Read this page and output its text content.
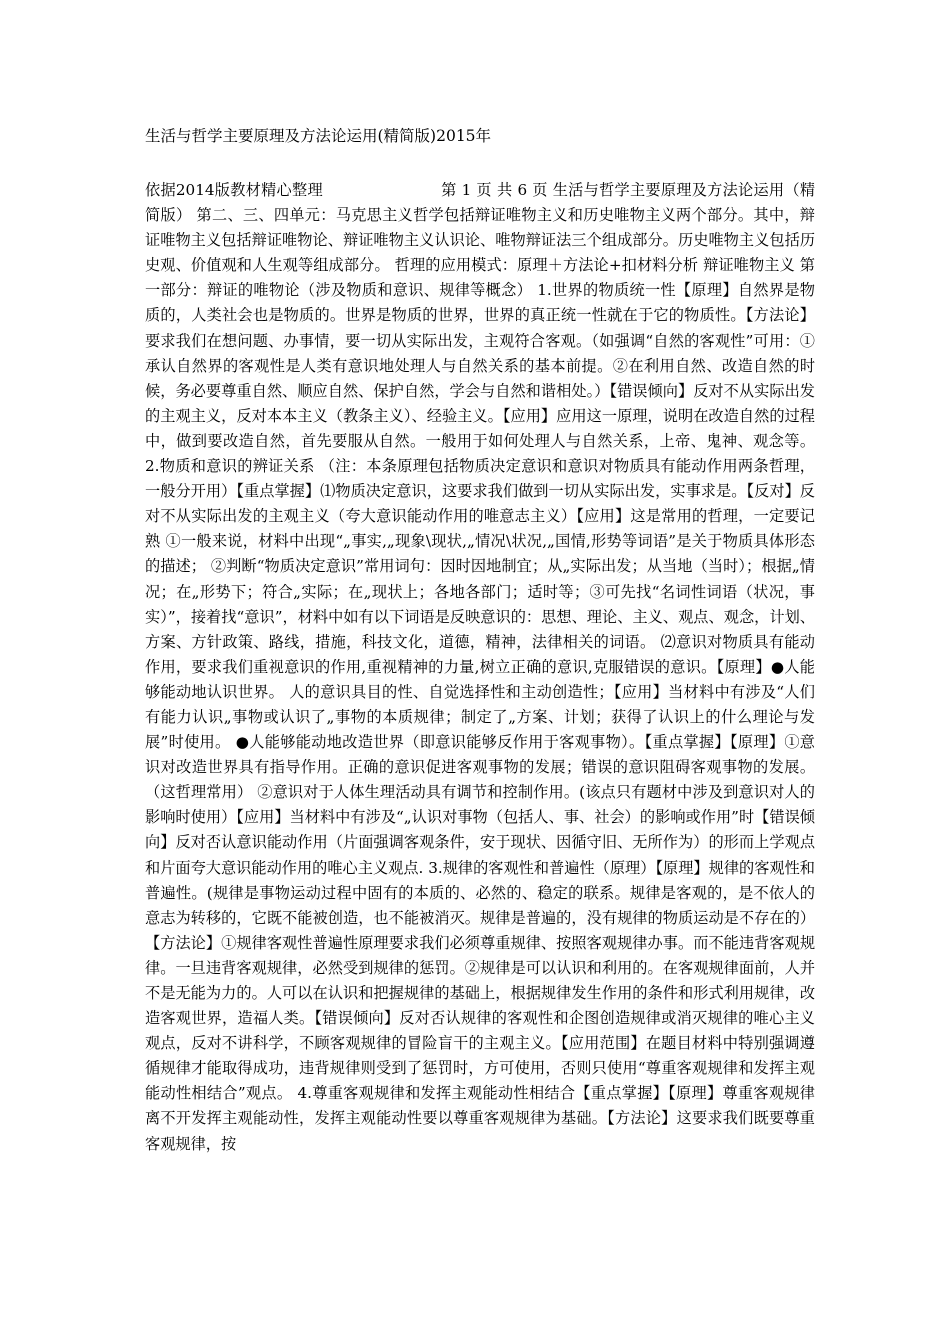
生活与哲学主要原理及方法论运用(精简版)2015年

依据2014版教材精心整理	第 1 页 共 6 页 生活与哲学主要原理及方法论运用（精简版） 第二、三、四单元：马克思主义哲学包括辩证唯物主义和历史唯物主义两个部分。其中，辩证唯物主义包括辩证唯物论、辩证唯物主义认识论、唯物辩证法三个组成部分。历史唯物主义包括历史观、价值观和人生观等组成部分。 哲理的应用模式：原理＋方法论+扣材料分析 辩证唯物主义 第一部分：辩证的唯物论（涉及物质和意识、规律等概念） 1.世界的物质统一性【原理】自然界是物质的，人类社会也是物质的。世界是物质的世界，世界的真正统一性就在于它的物质性。【方法论】要求我们在想问题、办事情，要一切从实际出发，主观符合客观。（如强调“自然的客观性”可用：①承认自然界的客观性是人类有意识地处理人与自然关系的基本前提。②在利用自然、改造自然的时候，务必要尊重自然、顺应自然、保护自然，学会与自然和谐相处。）【错误倾向】反对不从实际出发的主观主义，反对本本主义（教条主义）、经验主义。【应用】应用这一原理，说明在改造自然的过程中，做到要改造自然，首先要服从自然。一般用于如何处理人与自然关系，上帝、鬼神、观念等。 2.物质和意识的辨证关系 （注：本条原理包括物质决定意识和意识对物质具有能动作用两条哲理，一般分开用）【重点掌握】⑴物质决定意识，这要求我们做到一切从实际出发，实事求是。【反对】反对不从实际出发的主观主义（夸大意识能动作用的唯意志主义）【应用】这是常用的哲理，一定要记熟 ①一般来说，材料中出现“„事实,„现象\现状,„情况\状况,„国情,形势等词语”是关于物质具体形态的描述； ②判断“物质决定意识”常用词句：因时因地制宜；从„实际出发；从当地（当时）；根据„情况；在„形势下；符合„实际；在„现状上；各地各部门；适时等；③可先找“名词性词语（状况，事实）”，接着找“意识”，材料中如有以下词语是反映意识的：思想、理论、主义、观点、观念，计划、方案、方针政策、路线，措施，科技文化，道德，精神，法律相关的词语。 ⑵意识对物质具有能动作用，要求我们重视意识的作用,重视精神的力量,树立正确的意识,克服错误的意识。【原理】●人能够能动地认识世界。 人的意识具目的性、自觉选择性和主动创造性；【应用】当材料中有涉及“人们有能力认识„事物或认识了„事物的本质规律；制定了„方案、计划；获得了认识上的什么理论与发展”时使用。 ●人能够能动地改造世界（即意识能够反作用于客观事物）。【重点掌握】【原理】①意识对改造世界具有指导作用。正确的意识促进客观事物的发展；错误的意识阻碍客观事物的发展。（这哲理常用） ②意识对于人体生理活动具有调节和控制作用。(该点只有题材中涉及到意识对人的影响时使用）【应用】当材料中有涉及“„认识对事物（包括人、事、社会）的影响或作用”时【错误倾向】反对否认意识能动作用（片面强调客观条件，安于现状、因循守旧、无所作为）的形而上学观点和片面夸大意识能动作用的唯心主义观点. 3.规律的客观性和普遍性（原理）【原理】规律的客观性和普遍性。(规律是事物运动过程中固有的本质的、必然的、稳定的联系。规律是客观的，是不依人的意志为转移的，它既不能被创造，也不能被消灭。规律是普遍的，没有规律的物质运动是不存在的）【方法论】①规律客观性普遍性原理要求我们必须尊重规律、按照客观规律办事。而不能违背客观规律。一旦违背客观规律，必然受到规律的惩罚。②规律是可以认识和利用的。在客观规律面前，人并不是无能为力的。人可以在认识和把握规律的基础上，根据规律发生作用的条件和形式利用规律，改造客观世界，造福人类。【错误倾向】反对否认规律的客观性和企图创造规律或消灭规律的唯心主义观点，反对不讲科学，不顾客观规律的冒险盲干的主观主义。【应用范围】在题目材料中特别强调遵循规律才能取得成功，违背规律则受到了惩罚时，方可使用，否则只使用“尊重客观规律和发挥主观能动性相结合”观点。 4.尊重客观规律和发挥主观能动性相结合【重点掌握】【原理】尊重客观规律离不开发挥主观能动性，发挥主观能动性要以尊重客观规律为基础。【方法论】这要求我们既要尊重客观规律，按
